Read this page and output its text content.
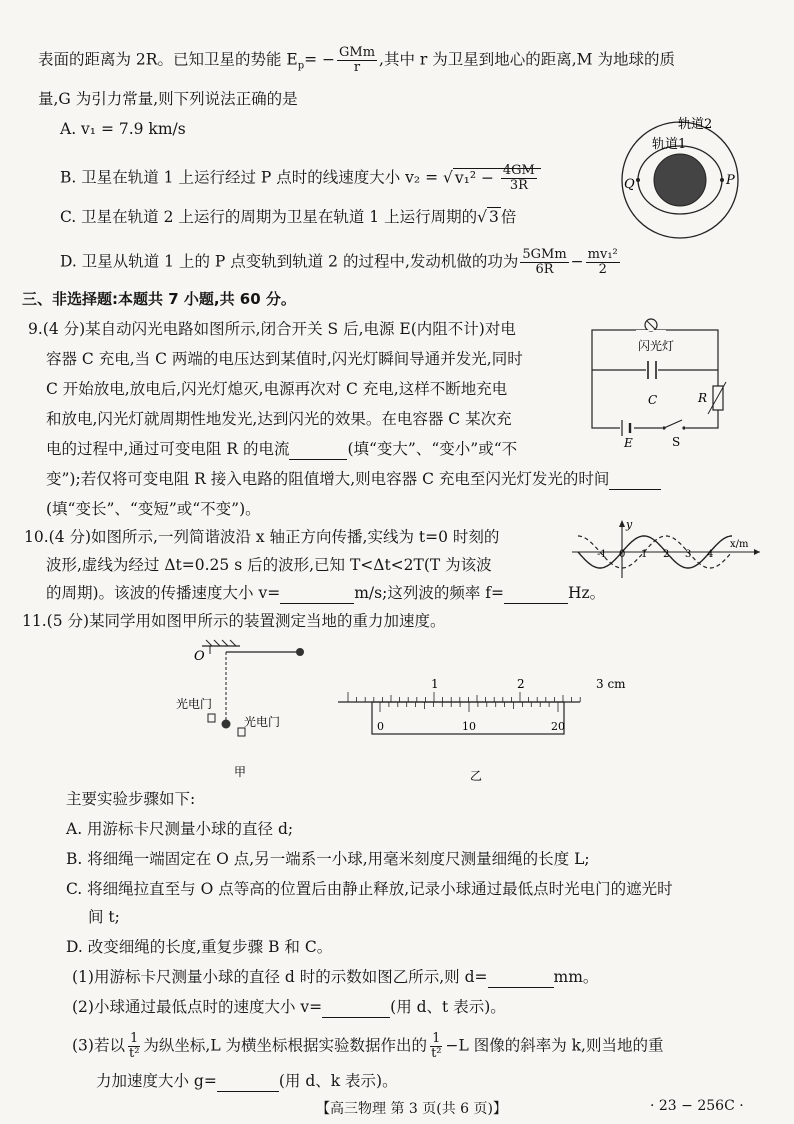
表面的距离为 2R。已知卫星的势能 $E_p= - \frac{\text{GMm}}{r}$ ,其中 r 为卫星到地心的距离,M 为地球的质
量,G 为引力常量,则下列说法正确的是
A. v₁ = 7.9 km/s
B. 卫星在轨道 1 上运行经过 P 点时的线速度大小 v₂ = √ $v_1^2 - \frac{4GM}{3R}$
C. 卫星在轨道 2 上运行的周期为卫星在轨道 1 上运行周期的√ 3 倍
D. 卫星从轨道 1 上的 P 点变轨到轨道 2 的过程中,发动机做的功为 $\frac{\text{5GMm}}{6R} - \frac{\text{mv₁²}}{2}$
轨道2
轨道1
Q	P
三、非选择题:本题共 7 小题,共 60 分。
9.(4 分)某自动闪光电路如图所示,闭合开关 S 后,电源 E(内阻不计)对电
容器 C 充电,当 C 两端的电压达到某值时,闪光灯瞬间导通并发光,同时
C 开始放电,放电后,闪光灯熄灭,电源再次对 C 充电,这样不断地充电
和放电,闪光灯就周期性地发光,达到闪光的效果。在电容器 C 某次充
电的过程中,通过可变电阻 R 的电流	(填“变大”、“变小”或“不
变”);若仅将可变电阻 R 接入电路的阻值增大,则电容器 C 充电至闪光灯发光的时间
(填“变长”、“变短”或“不变”)。
闪光灯
C	R
E	S
10.(4 分)如图所示,一列简谐波沿 x 轴正方向传播,实线为 t=0 时刻的
波形,虚线为经过 Δt=0.25 s 后的波形,已知 T<Δt<2T(T 为该波
的周期)。该波的传播速度大小 v=	m/s;这列波的频率 f=	Hz。
y
x/m
-1 0 1 2 3 4
11.(5 分)某同学用如图甲所示的装置测定当地的重力加速度。
O
光电门
光电门
甲
1	2	3 cm
0	10	20
乙
主要实验步骤如下:
A. 用游标卡尺测量小球的直径 d;
B. 将细绳一端固定在 O 点,另一端系一小球,用毫米刻度尺测量细绳的长度 L;
C. 将细绳拉直至与 O 点等高的位置后由静止释放,记录小球通过最低点时光电门的遮光时
间 t;
D. 改变细绳的长度,重复步骤 B 和 C。
(1)用游标卡尺测量小球的直径 d 时的示数如图乙所示,则 d=	mm。
(2)小球通过最低点时的速度大小 v=	(用 d、t 表示)。
(3)若以 $\frac{1}{\text{t²}}$ 为纵坐标,L 为横坐标根据实验数据作出的 $\frac{1}{\text{t²}} -L$ 图像的斜率为 k,则当地的重
力加速度大小 g=	(用 d、k 表示)。
【高三物理 第 3 页(共 6 页)】	· 23 − 256C ·
